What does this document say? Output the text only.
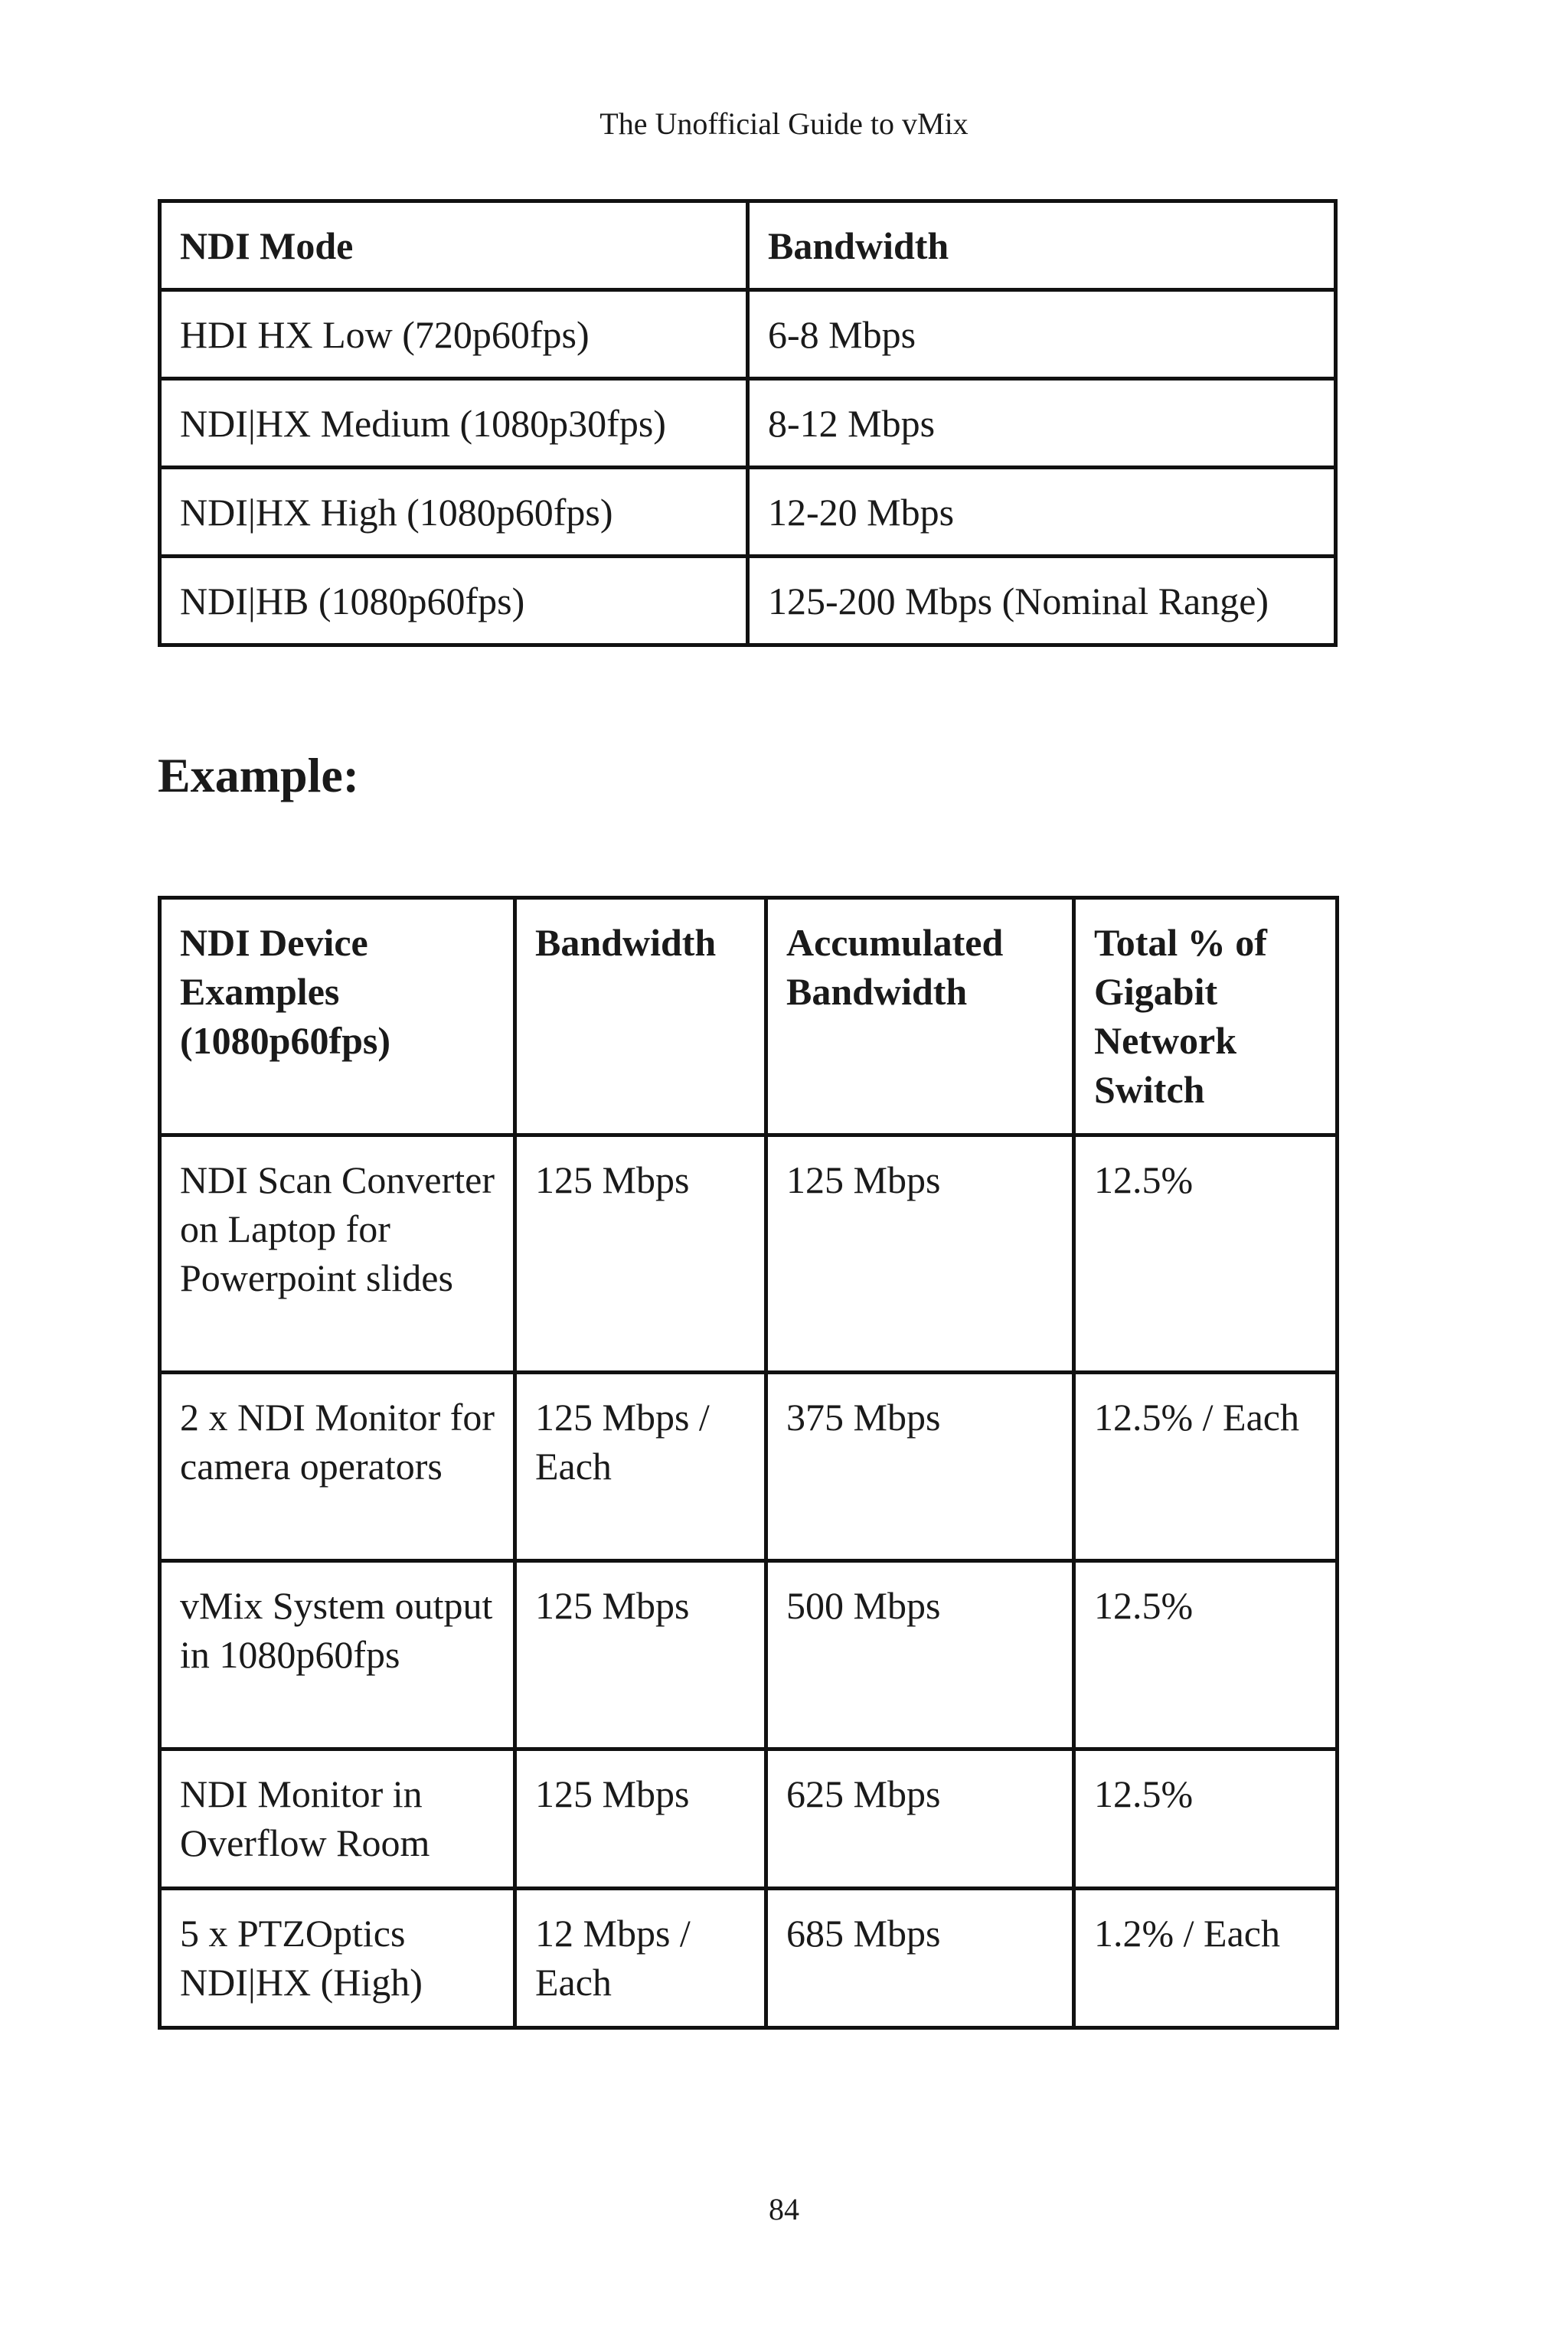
The Unofficial Guide to vMix
NDI Mode	Bandwidth
HDI HX Low (720p60fps)	6-8 Mbps
NDI|HX Medium (1080p30fps)	8-12 Mbps
NDI|HX High (1080p60fps)	12-20 Mbps
NDI|HB (1080p60fps)	125-200 Mbps (Nominal Range)
Example:
NDI Device Examples (1080p60fps)	Bandwidth	Accumulated Bandwidth	Total % of Gigabit Network Switch
NDI Scan Converter on Laptop for Powerpoint slides	125 Mbps	125 Mbps	12.5%
2 x NDI Monitor for camera operators	125 Mbps / Each	375 Mbps	12.5% / Each
vMix System output in 1080p60fps	125 Mbps	500 Mbps	12.5%
NDI Monitor in Overflow Room	125 Mbps	625 Mbps	12.5%
5 x PTZOptics NDI|HX (High)	12 Mbps / Each	685 Mbps	1.2% / Each
84
